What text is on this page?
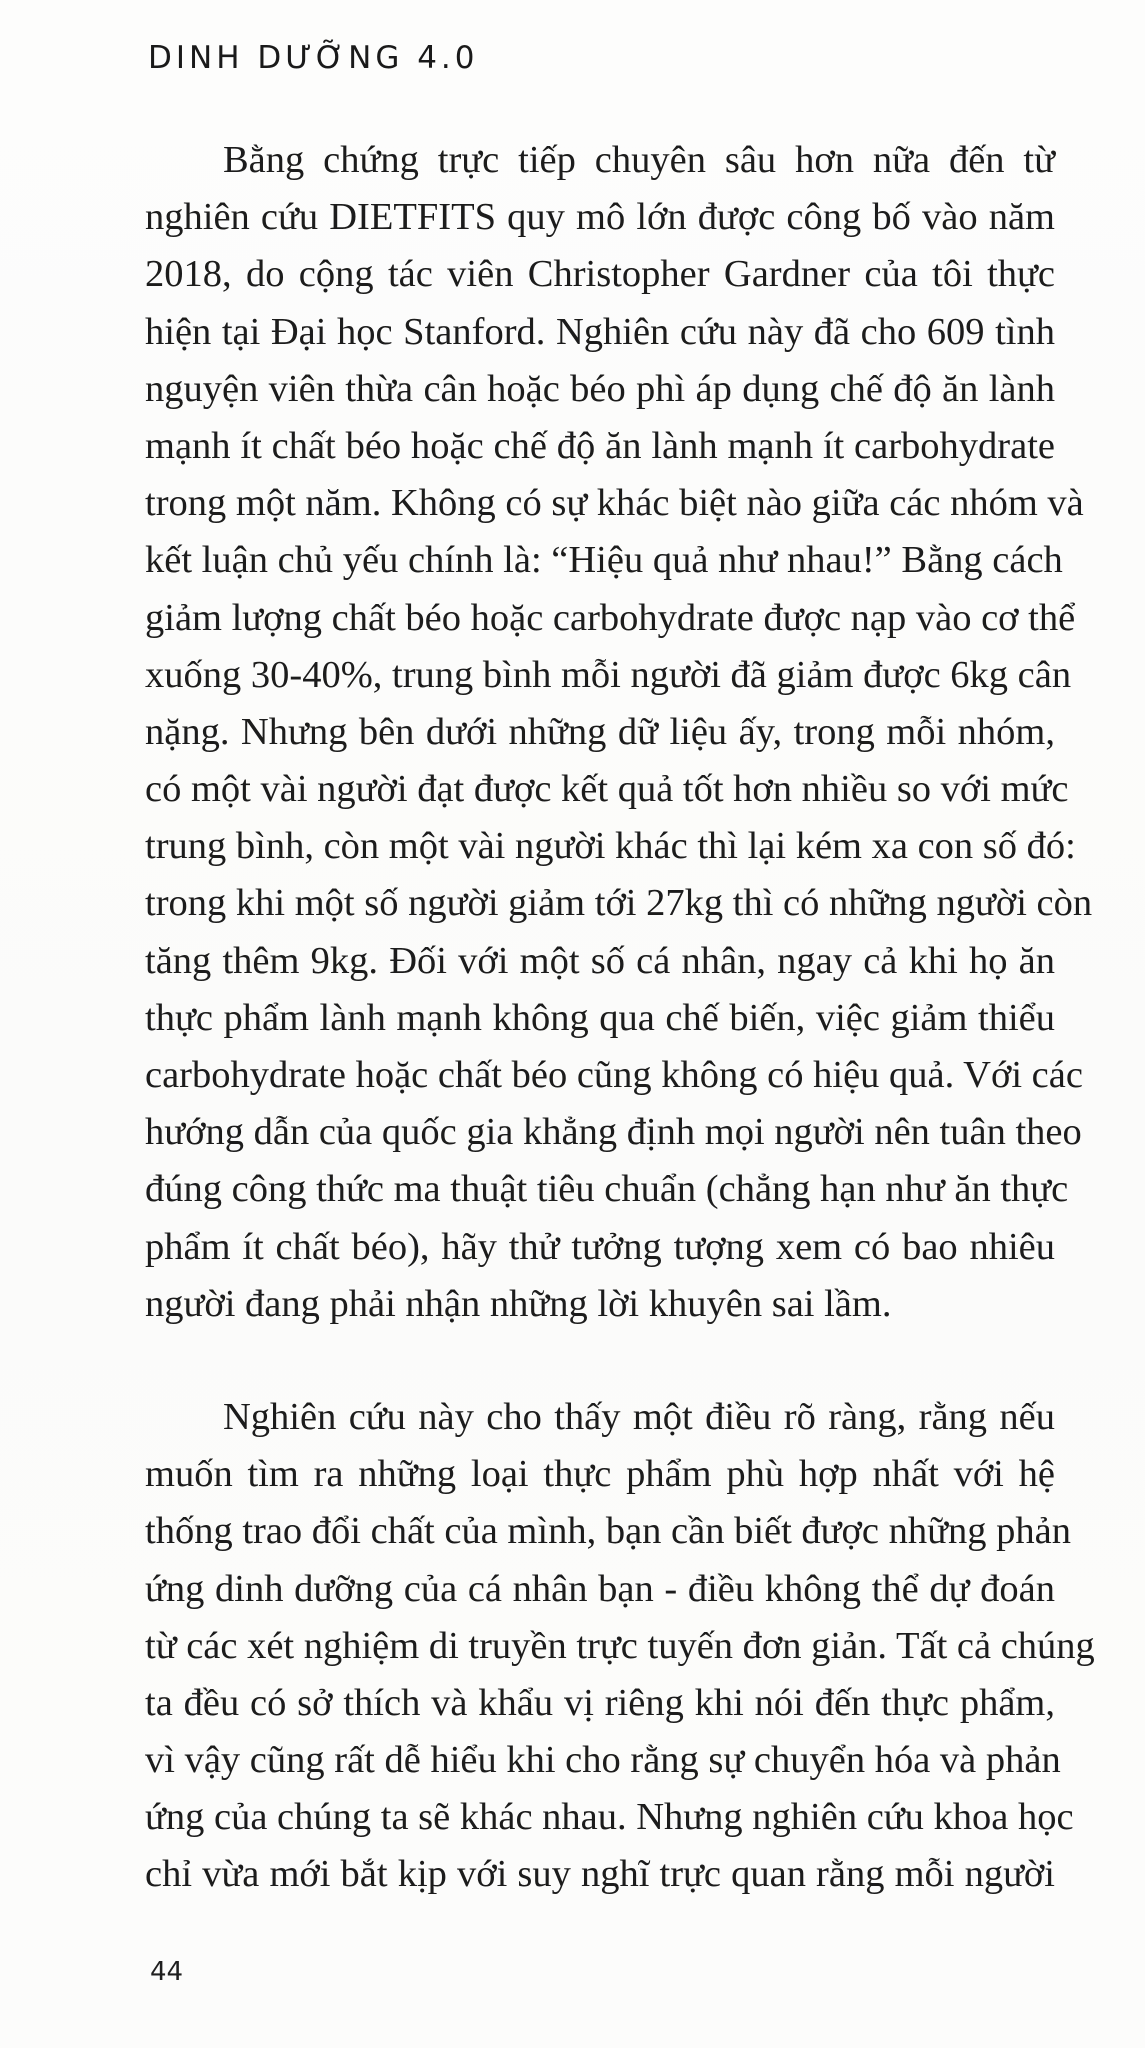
DINH DƯỠNG 4.0
Bằng chứng trực tiếp chuyên sâu hơn nữa đến từ
nghiên cứu DIETFITS quy mô lớn được công bố vào năm
2018, do cộng tác viên Christopher Gardner của tôi thực
hiện tại Đại học Stanford. Nghiên cứu này đã cho 609 tình
nguyện viên thừa cân hoặc béo phì áp dụng chế độ ăn lành
mạnh ít chất béo hoặc chế độ ăn lành mạnh ít carbohydrate
trong một năm. Không có sự khác biệt nào giữa các nhóm và
kết luận chủ yếu chính là: “Hiệu quả như nhau!” Bằng cách
giảm lượng chất béo hoặc carbohydrate được nạp vào cơ thể
xuống 30-40%, trung bình mỗi người đã giảm được 6kg cân
nặng. Nhưng bên dưới những dữ liệu ấy, trong mỗi nhóm,
có một vài người đạt được kết quả tốt hơn nhiều so với mức
trung bình, còn một vài người khác thì lại kém xa con số đó:
trong khi một số người giảm tới 27kg thì có những người còn
tăng thêm 9kg. Đối với một số cá nhân, ngay cả khi họ ăn
thực phẩm lành mạnh không qua chế biến, việc giảm thiểu
carbohydrate hoặc chất béo cũng không có hiệu quả. Với các
hướng dẫn của quốc gia khẳng định mọi người nên tuân theo
đúng công thức ma thuật tiêu chuẩn (chẳng hạn như ăn thực
phẩm ít chất béo), hãy thử tưởng tượng xem có bao nhiêu
người đang phải nhận những lời khuyên sai lầm.
Nghiên cứu này cho thấy một điều rõ ràng, rằng nếu
muốn tìm ra những loại thực phẩm phù hợp nhất với hệ
thống trao đổi chất của mình, bạn cần biết được những phản
ứng dinh dưỡng của cá nhân bạn - điều không thể dự đoán
từ các xét nghiệm di truyền trực tuyến đơn giản. Tất cả chúng
ta đều có sở thích và khẩu vị riêng khi nói đến thực phẩm,
vì vậy cũng rất dễ hiểu khi cho rằng sự chuyển hóa và phản
ứng của chúng ta sẽ khác nhau. Nhưng nghiên cứu khoa học
chỉ vừa mới bắt kịp với suy nghĩ trực quan rằng mỗi người
44
